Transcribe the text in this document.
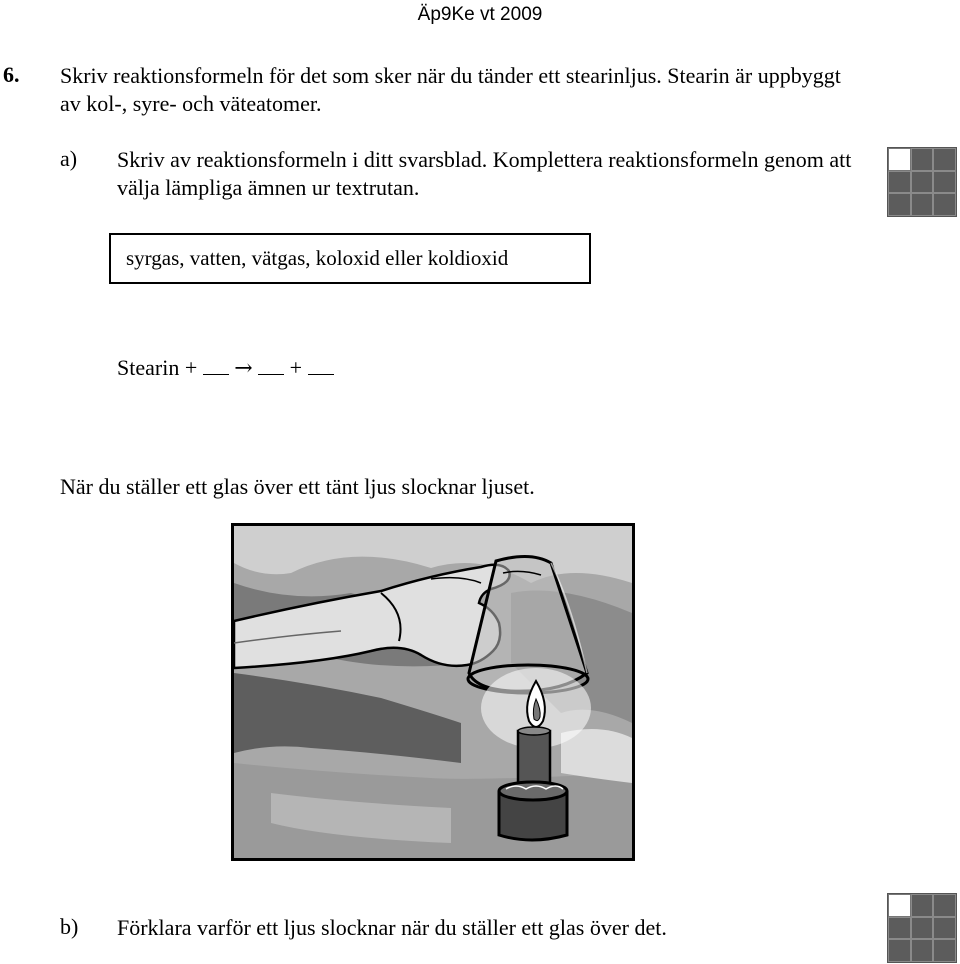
Äp9Ke vt 2009
6. Skriv reaktionsformeln för det som sker när du tänder ett stearinljus. Stearin är uppbyggt av kol-, syre- och väteatomer.
a) Skriv av reaktionsformeln i ditt svarsblad. Komplettera reaktionsformeln genom att välja lämpliga ämnen ur textrutan.
syrgas, vatten, vätgas, koloxid eller koldioxid
Stearin + → +
När du ställer ett glas över ett tänt ljus slocknar ljuset.
b) Förklara varför ett ljus slocknar när du ställer ett glas över det.
